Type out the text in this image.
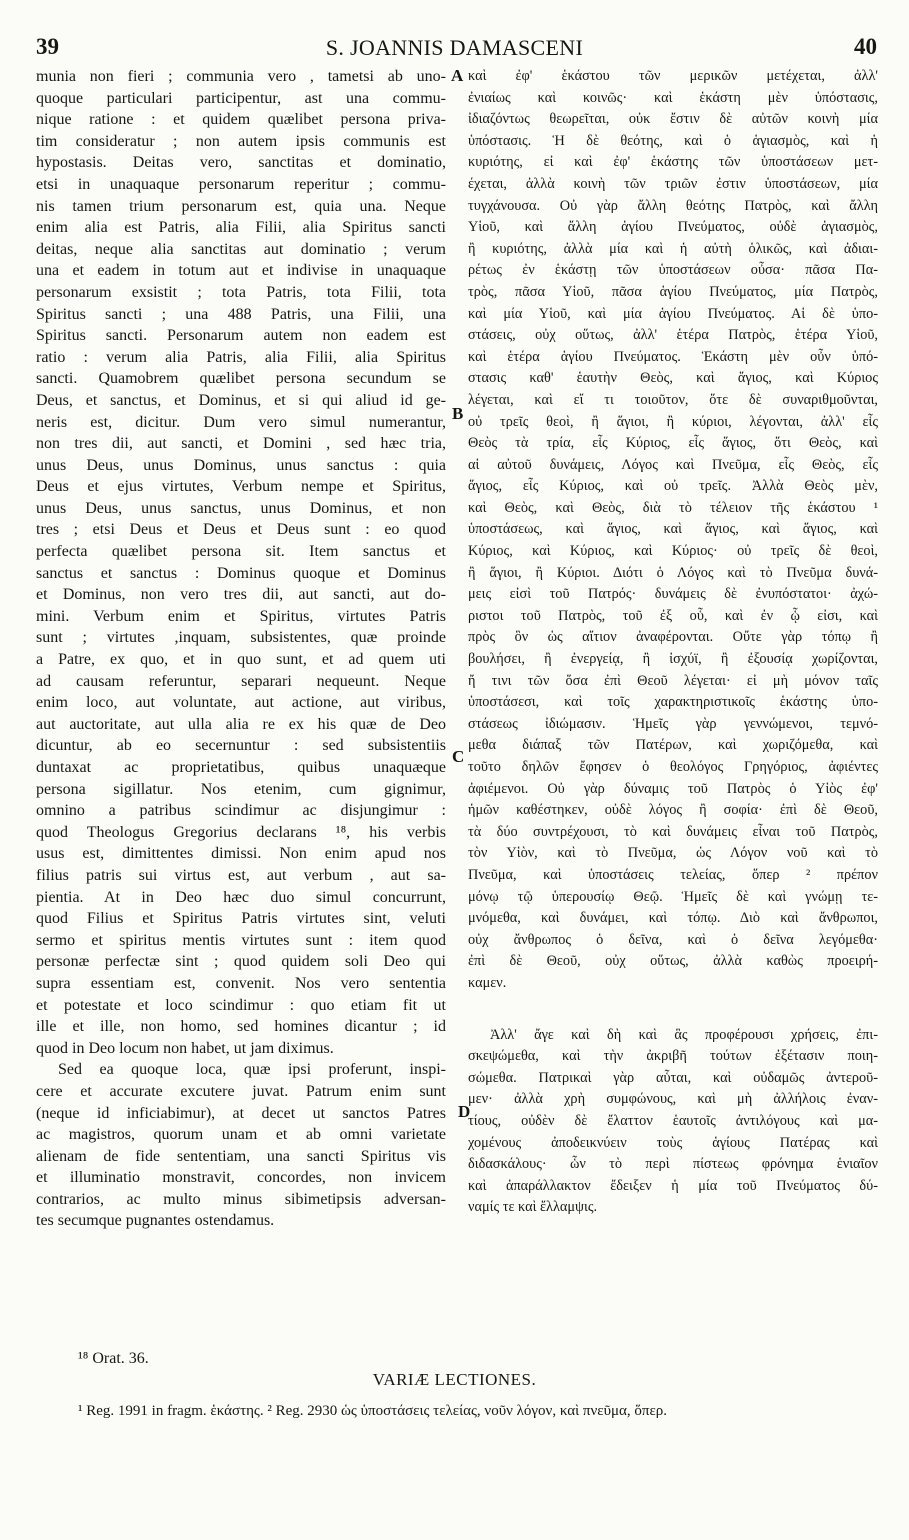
39	S. JOANNIS DAMASCENI	40
munia non fieri ; communia vero , tametsi ab uno-
quoque particulari participentur, ast una commu-
nique ratione : et quidem quælibet persona priva-
tim consideratur ; non autem ipsis communis est
hypostasis. Deitas vero, sanctitas et dominatio,
etsi in unaquaque personarum reperitur ; commu-
nis tamen trium personarum est, quia una. Neque
enim alia est Patris, alia Filii, alia Spiritus sancti
deitas, neque alia sanctitas aut dominatio ; verum
una et eadem in totum aut et indivise in unaquaque
personarum exsistit ; tota Patris, tota Filii, tota
Spiritus sancti ; una 488 Patris, una Filii, una
Spiritus sancti. Personarum autem non eadem est
ratio : verum alia Patris, alia Filii, alia Spiritus
sancti. Quamobrem quælibet persona secundum se
Deus, et sanctus, et Dominus, et si qui aliud id ge-
neris est, dicitur. Dum vero simul numerantur,
non tres dii, aut sancti, et Domini , sed hæc tria,
unus Deus, unus Dominus, unus sanctus : quia
Deus et ejus virtutes, Verbum nempe et Spiritus,
unus Deus, unus sanctus, unus Dominus, et non
tres ; etsi Deus et Deus et Deus sunt : eo quod
perfecta quælibet persona sit. Item sanctus et
sanctus et sanctus : Dominus quoque et Dominus
et Dominus, non vero tres dii, aut sancti, aut do-
mini. Verbum enim et Spiritus, virtutes Patris
sunt ; virtutes ,inquam, subsistentes, quæ proinde
a Patre, ex quo, et in quo sunt, et ad quem uti
ad causam referuntur, separari nequeunt. Neque
enim loco, aut voluntate, aut actione, aut viribus,
aut auctoritate, aut ulla alia re ex his quæ de Deo
dicuntur, ab eo secernuntur : sed subsistentiis
duntaxat ac proprietatibus, quibus unaquæque
persona sigillatur. Nos etenim, cum gignimur,
omnino a patribus scindimur ac disjungimur :
quod Theologus Gregorius declarans ¹⁸, his verbis
usus est, dimittentes dimissi. Non enim apud nos
filius patris sui virtus est, aut verbum , aut sa-
pientia. At in Deo hæc duo simul concurrunt,
quod Filius et Spiritus Patris virtutes sint, veluti
sermo et spiritus mentis virtutes sunt : item quod
personæ perfectæ sint ; quod quidem soli Deo qui
supra essentiam est, convenit. Nos vero sententia
et potestate et loco scindimur : quo etiam fit ut
ille et ille, non homo, sed homines dicantur ; id
quod in Deo locum non habet, ut jam diximus.
Sed ea quoque loca, quæ ipsi proferunt, inspi-
cere et accurate excutere juvat. Patrum enim sunt
(neque id inficiabimur), at decet ut sanctos Patres
ac magistros, quorum unam et ab omni varietate
alienam de fide sententiam, una sancti Spiritus vis
et illuminatio monstravit, concordes, non invicem
contrarios, ac multo minus sibimetipsis adversan-
tes secumque pugnantes ostendamus.
καὶ ἐφ' ἑκάστου τῶν μερικῶν μετέχεται, ἀλλ'
ἐνιαίως καὶ κοινῶς· καὶ ἑκάστη μὲν ὑπόστασις,
ἰδιαζόντως θεωρεῖται, οὐκ ἔστιν δὲ αὐτῶν κοινὴ μία
ὑπόστασις. Ἡ δὲ θεότης, καὶ ὁ ἁγιασμὸς, καὶ ἡ
κυριότης, εἰ καὶ ἐφ' ἑκάστης τῶν ὑποστάσεων μετ-
έχεται, ἀλλὰ κοινὴ τῶν τριῶν ἐστιν ὑποστάσεων, μία
τυγχάνουσα. Οὐ γὰρ ἄλλη θεότης Πατρὸς, καὶ ἄλλη
Υἱοῦ, καὶ ἄλλη ἁγίου Πνεύματος, οὐδὲ ἁγιασμὸς,
ἢ κυριότης, ἀλλὰ μία καὶ ἡ αὐτὴ ὁλικῶς, καὶ ἀδιαι-
ρέτως ἐν ἑκάστῃ τῶν ὑποστάσεων οὖσα· πᾶσα Πα-
τρὸς, πᾶσα Υἱοῦ, πᾶσα ἁγίου Πνεύματος, μία Πατρὸς,
καὶ μία Υἱοῦ, καὶ μία ἁγίου Πνεύματος. Αἱ δὲ ὑπο-
στάσεις, οὐχ οὕτως, ἀλλ' ἑτέρα Πατρὸς, ἑτέρα Υἱοῦ,
καὶ ἑτέρα ἁγίου Πνεύματος. Ἑκάστη μὲν οὖν ὑπό-
στασις καθ' ἑαυτὴν Θεὸς, καὶ ἅγιος, καὶ Κύριος
λέγεται, καὶ εἴ τι τοιοῦτον, ὅτε δὲ συναριθμοῦνται,
οὐ τρεῖς θεοὶ, ἢ ἅγιοι, ἢ κύριοι, λέγονται, ἀλλ' εἷς
Θεὸς τὰ τρία, εἷς Κύριος, εἷς ἅγιος, ὅτι Θεὸς, καὶ
αἱ αὐτοῦ δυνάμεις, Λόγος καὶ Πνεῦμα, εἷς Θεὸς, εἷς
ἅγιος, εἷς Κύριος, καὶ οὐ τρεῖς. Ἀλλὰ Θεὸς μὲν,
καὶ Θεὸς, καὶ Θεὸς, διὰ τὸ τέλειον τῆς ἑκάστου ¹
ὑποστάσεως, καὶ ἅγιος, καὶ ἅγιος, καὶ ἅγιος, καὶ
Κύριος, καὶ Κύριος, καὶ Κύριος· οὐ τρεῖς δὲ θεοὶ,
ἢ ἅγιοι, ἢ Κύριοι. Διότι ὁ Λόγος καὶ τὸ Πνεῦμα δυνά-
μεις εἰσὶ τοῦ Πατρός· δυνάμεις δὲ ἐνυπόστατοι· ἀχώ-
ριστοι τοῦ Πατρὸς, τοῦ ἐξ οὗ, καὶ ἐν ᾧ εἰσι, καὶ
πρὸς ὃν ὡς αἴτιον ἀναφέρονται. Οὔτε γὰρ τόπῳ ἢ
βουλήσει, ἢ ἐνεργείᾳ, ἢ ἰσχύϊ, ἢ ἐξουσίᾳ χωρίζονται,
ἤ τινι τῶν ὅσα ἐπὶ Θεοῦ λέγεται· εἰ μὴ μόνον ταῖς
ὑποστάσεσι, καὶ τοῖς χαρακτηριστικοῖς ἑκάστης ὑπο-
στάσεως ἰδιώμασιν. Ἡμεῖς γὰρ γεννώμενοι, τεμνό-
μεθα διάπαξ τῶν Πατέρων, καὶ χωριζόμεθα, καὶ
τοῦτο δηλῶν ἔφησεν ὁ θεολόγος Γρηγόριος, ἀφιέντες
ἀφιέμενοι. Οὐ γὰρ δύναμις τοῦ Πατρὸς ὁ Υἱὸς ἐφ'
ἡμῶν καθέστηκεν, οὐδὲ λόγος ἢ σοφία· ἐπὶ δὲ Θεοῦ,
τὰ δύο συντρέχουσι, τὸ καὶ δυνάμεις εἶναι τοῦ Πατρὸς,
τὸν Υἱὸν, καὶ τὸ Πνεῦμα, ὡς Λόγον νοῦ καὶ τὸ
Πνεῦμα, καὶ ὑποστάσεις τελείας, ὅπερ ² πρέπον
μόνῳ τῷ ὑπερουσίῳ Θεῷ. Ἡμεῖς δὲ καὶ γνώμῃ τε-
μνόμεθα, καὶ δυνάμει, καὶ τόπῳ. Διὸ καὶ ἄνθρωποι,
οὐχ ἄνθρωπος ὁ δεῖνα, καὶ ὁ δεῖνα λεγόμεθα·
ἐπὶ δὲ Θεοῦ, οὐχ οὕτως, ἀλλὰ καθὼς προειρή-
καμεν.
Ἀλλ' ἄγε καὶ δὴ καὶ ἃς προφέρουσι χρήσεις, ἐπι-
σκεψώμεθα, καὶ τὴν ἀκριβῆ τούτων ἐξέτασιν ποιη-
σώμεθα. Πατρικαὶ γὰρ αὗται, καὶ οὐδαμῶς ἀντεροῦ-
μεν· ἀλλὰ χρὴ συμφώνους, καὶ μὴ ἀλλήλοις ἐναν-
τίους, οὐδὲν δὲ ἔλαττον ἑαυτοῖς ἀντιλόγους καὶ μα-
χομένους ἀποδεικνύειν τοὺς ἁγίους Πατέρας καὶ
διδασκάλους· ὧν τὸ περὶ πίστεως φρόνημα ἑνιαῖον
καὶ ἀπαράλλακτον ἔδειξεν ἡ μία τοῦ Πνεύματος δύ-
ναμίς τε καὶ ἔλλαμψις.
A
B
C
D
¹⁸ Orat. 36.
VARIÆ LECTIONES.
¹ Reg. 1991 in fragm. ἑκάστης. ² Reg. 2930 ὡς ὑποστάσεις τελείας, νοῦν λόγον, καὶ πνεῦμα, ὅπερ.
